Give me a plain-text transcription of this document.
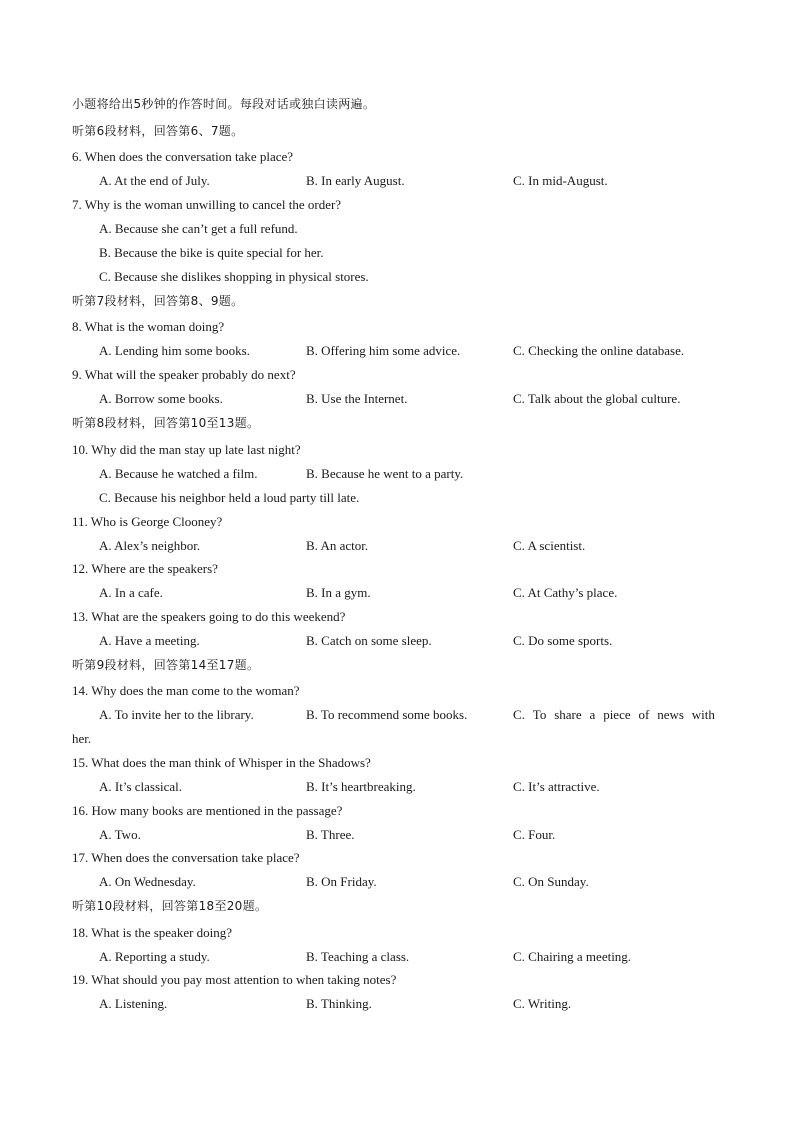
小题将给出5秒钟的作答时间。每段对话或独白读两遍。
听第6段材料，回答第6、7题。
6. When does the conversation take place?
A. At the end of July.	B. In early August.	C. In mid-August.
7. Why is the woman unwilling to cancel the order?
A. Because she can’t get a full refund.
B. Because the bike is quite special for her.
C. Because she dislikes shopping in physical stores.
听第7段材料，回答第8、9题。
8. What is the woman doing?
A. Lending him some books.	B. Offering him some advice.	C. Checking the online database.
9. What will the speaker probably do next?
A. Borrow some books.	B. Use the Internet.	C. Talk about the global culture.
听第8段材料，回答第10至13题。
10. Why did the man stay up late last night?
A. Because he watched a film.	B. Because he went to a party.
C. Because his neighbor held a loud party till late.
11. Who is George Clooney?
A. Alex’s neighbor.	B. An actor.	C. A scientist.
12. Where are the speakers?
A. In a cafe.	B. In a gym.	C. At Cathy’s place.
13. What are the speakers going to do this weekend?
A. Have a meeting.	B. Catch on some sleep.	C. Do some sports.
听第9段材料，回答第14至17题。
14. Why does the man come to the woman?
A. To invite her to the library.	B. To recommend some books.	C. To share a piece of news with
her.
15. What does the man think of Whisper in the Shadows?
A. It’s classical.	B. It’s heartbreaking.	C. It’s attractive.
16. How many books are mentioned in the passage?
A. Two.	B. Three.	C. Four.
17. When does the conversation take place?
A. On Wednesday.	B. On Friday.	C. On Sunday.
听第10段材料，回答第18至20题。
18. What is the speaker doing?
A. Reporting a study.	B. Teaching a class.	C. Chairing a meeting.
19. What should you pay most attention to when taking notes?
A. Listening.	B. Thinking.	C. Writing.
